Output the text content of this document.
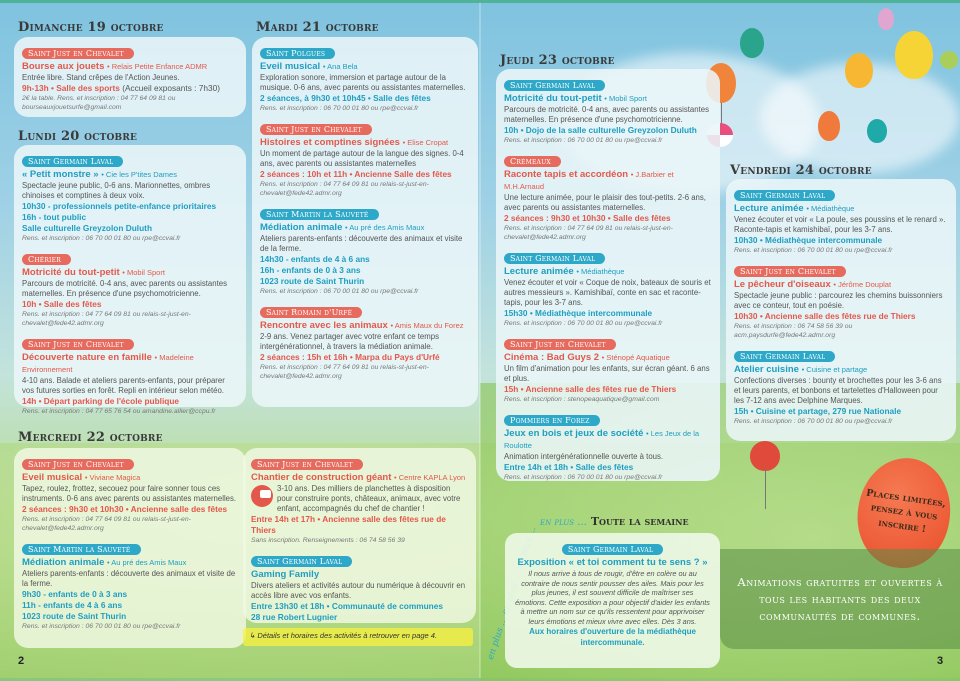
Dimanche 19 octobre
Saint Just en Chevalet
Bourse aux jouets • Relais Petite Enfance ADMR
Entrée libre. Stand crêpes de l'Action Jeunes.
9h-13h • Salle des sports (Accueil exposants : 7h30)
2€ la table. Rens. et inscription : 04 77 64 09 81 ou bourseauxjouetsurfe@gmail.com
Lundi 20 octobre
Saint Germain Laval
« Petit monstre » • Cie les P'tites Dames
Spectacle jeune public, 0-6 ans. Marionnettes, ombres chinoises et comptines à deux voix.
10h30 - professionnels petite-enfance prioritaires
16h - tout public
Salle culturelle Greyzolon Duluth
Rens. et inscription : 06 70 00 01 80 ou rpe@ccvai.fr
Chérier
Motricité du tout-petit • Mobil Sport
Parcours de motricité. 0-4 ans, avec parents ou assistantes maternelles. En présence d'une psychomotricienne.
10h • Salle des fêtes
Rens. et inscription : 04 77 64 09 81 ou relais-st-just-en-chevalet@fede42.admr.org
Saint Just en Chevalet
Découverte nature en famille • Madeleine Environnement
4-10 ans. Balade et ateliers parents-enfants, pour préparer vos futures sorties en forêt. Repli en intérieur selon météo.
14h • Départ parking de l'école publique
Rens. et inscription : 04 77 65 76 54 ou amandine.allier@ccpu.fr
Mardi 21 octobre
Saint Polgues
Eveil musical • Ana Bela
Exploration sonore, immersion et partage autour de la musique. 0-6 ans, avec parents ou assistantes maternelles.
2 séances, à 9h30 et 10h45 • Salle des fêtes
Rens. et inscription : 06 70 00 01 80 ou rpe@ccvai.fr
Saint Just en Chevalet
Histoires et comptines signées • Elise Cropat
Un moment de partage autour de la langue des signes. 0-4 ans, avec parents ou assistantes maternelles
2 séances : 10h et 11h • Ancienne Salle des fêtes
Rens. et inscription : 04 77 64 09 81 ou relais-st-just-en-chevalet@fede42.admr.org
Saint Martin la Sauveté
Médiation animale • Au pré des Amis Maux
Ateliers parents-enfants : découverte des animaux et visite de la ferme.
14h30 - enfants de 4 à 6 ans
16h - enfants de 0 à 3 ans
1023 route de Saint Thurin
Rens. et inscription : 06 70 00 01 80 ou rpe@ccvai.fr
Saint Romain d'Urfé
Rencontre avec les animaux • Amis Maux du Forez
2-9 ans. Venez partager avec votre enfant ce temps intergénérationnel, à travers la médiation animale.
2 séances : 15h et 16h • Marpa du Pays d'Urfé
Rens. et inscription : 04 77 64 09 81 ou relais-st-just-en-chevalet@fede42.admr.org
Mercredi 22 octobre
Saint Just en Chevalet
Eveil musical • Viviane Magica
Tapez, roulez, frottez, secouez pour faire sonner tous ces instruments. 0-6 ans avec parents ou assistantes maternelles.
2 séances : 9h30 et 10h30 • Ancienne salle des fêtes
Rens. et inscription : 04 77 64 09 81 ou relais-st-just-en-chevalet@fede42.admr.org
Saint Martin la Sauveté
Médiation animale • Au pré des Amis Maux
Ateliers parents-enfants : découverte des animaux et visite de la ferme.
9h30 - enfants de 0 à 3 ans
11h - enfants de 4 à 6 ans
1023 route de Saint Thurin
Rens. et inscription : 06 70 00 01 80 ou rpe@ccvai.fr
Saint Just en Chevalet
Chantier de construction géant • Centre KAPLA Lyon
3-10 ans. Des milliers de planchettes à disposition pour construire ponts, châteaux, animaux, avec votre enfant, accompagnés du chef de chantier !
Entre 14h et 17h • Ancienne salle des fêtes rue de Thiers
Sans inscription. Renseignements : 06 74 58 56 39
Saint Germain Laval
Gaming Family
Divers ateliers et activités autour du numérique à découvrir en accès libre avec vos enfants.
Entre 13h30 et 18h • Communauté de communes
28 rue Robert Lugnier
↳ Détails et horaires des activités à retrouver en page 4.
2
Jeudi 23 octobre
Saint Germain Laval
Motricité du tout-petit • Mobil Sport
Parcours de motricité. 0-4 ans, avec parents ou assistantes maternelles. En présence d'une psychomotricienne.
10h • Dojo de la salle culturelle Greyzolon Duluth
Rens. et inscription : 06 70 00 01 80 ou rpe@ccvai.fr
Crémeaux
Raconte tapis et accordéon • J.Barbier et M.H.Arnaud
Une lecture animée, pour le plaisir des tout-petits. 2-6 ans, avec parents ou assistantes maternelles.
2 séances : 9h30 et 10h30 • Salle des fêtes
Rens. et inscription : 04 77 64 09 81 ou relais-st-just-en-chevalet@fede42.admr.org
Saint Germain Laval
Lecture animée • Médiathèque
Venez écouter et voir « Coque de noix, bateaux de souris et autres messieurs ». Kamishibaï, conte en sac et raconte-tapis, pour les 3-7 ans.
15h30 • Médiathèque intercommunale
Rens. et inscription : 06 70 00 01 80 ou rpe@ccvai.fr
Saint Just en Chevalet
Cinéma : Bad Guys 2 • Sténopé Aquatique
Un film d'animation pour les enfants, sur écran géant. 6 ans et plus.
15h • Ancienne salle des fêtes rue de Thiers
Rens. et inscription : stenopeaquatique@gmail.com
Pommiers en Forez
Jeux en bois et jeux de société • Les Jeux de la Roulotte
Animation intergénérationnelle ouverte à tous.
Entre 14h et 18h • Salle des fêtes
Rens. et inscription : 06 70 00 01 80 ou rpe@ccvai.fr
en plus ... Toute la semaine
en plus ... ...
Saint Germain Laval
Exposition « et toi comment tu te sens ? »
Il nous arrive à tous de rougir, d'être en colère ou au contraire de nous sentir pousser des ailes. Mais pour les plus jeunes, il est souvent difficile de maîtriser ses émotions. Cette exposition a pour objectif d'aider les enfants à mettre un nom sur ce qu'ils ressentent pour apprivoiser leurs émotions et mieux vivre avec elles. Dès 3 ans.
Aux horaires d'ouverture de la médiathèque intercommunale.
Vendredi 24 octobre
Saint Germain Laval
Lecture animée • Médiathèque
Venez écouter et voir « La poule, ses poussins et le renard ». Raconte-tapis et kamishibaï, pour les 3-7 ans.
10h30 • Médiathèque intercommunale
Rens. et inscription : 06 70 00 01 80 ou rpe@ccvai.fr
Saint Just en Chevalet
Le pêcheur d'oiseaux • Jérôme Douplat
Spectacle jeune public : parcourez les chemins buissonniers avec ce conteur, tout en poésie.
10h30 • Ancienne salle des fêtes rue de Thiers
Rens. et inscription : 06 74 58 56 39 ou acm.paysdurfe@fede42.admr.org
Saint Germain Laval
Atelier cuisine • Cuisine et partage
Confections diverses : bounty et brochettes pour les 3-6 ans et leurs parents, et bonbons et tartelettes d'Halloween pour les 7-12 ans avec Delphine Marques.
15h • Cuisine et partage, 279 rue Nationale
Rens. et inscription : 06 70 00 01 80 ou rpe@ccvai.fr
Places limitées, pensez à vous inscrire !
Animations gratuites et ouvertes à tous les habitants des deux communautés de communes.
3
